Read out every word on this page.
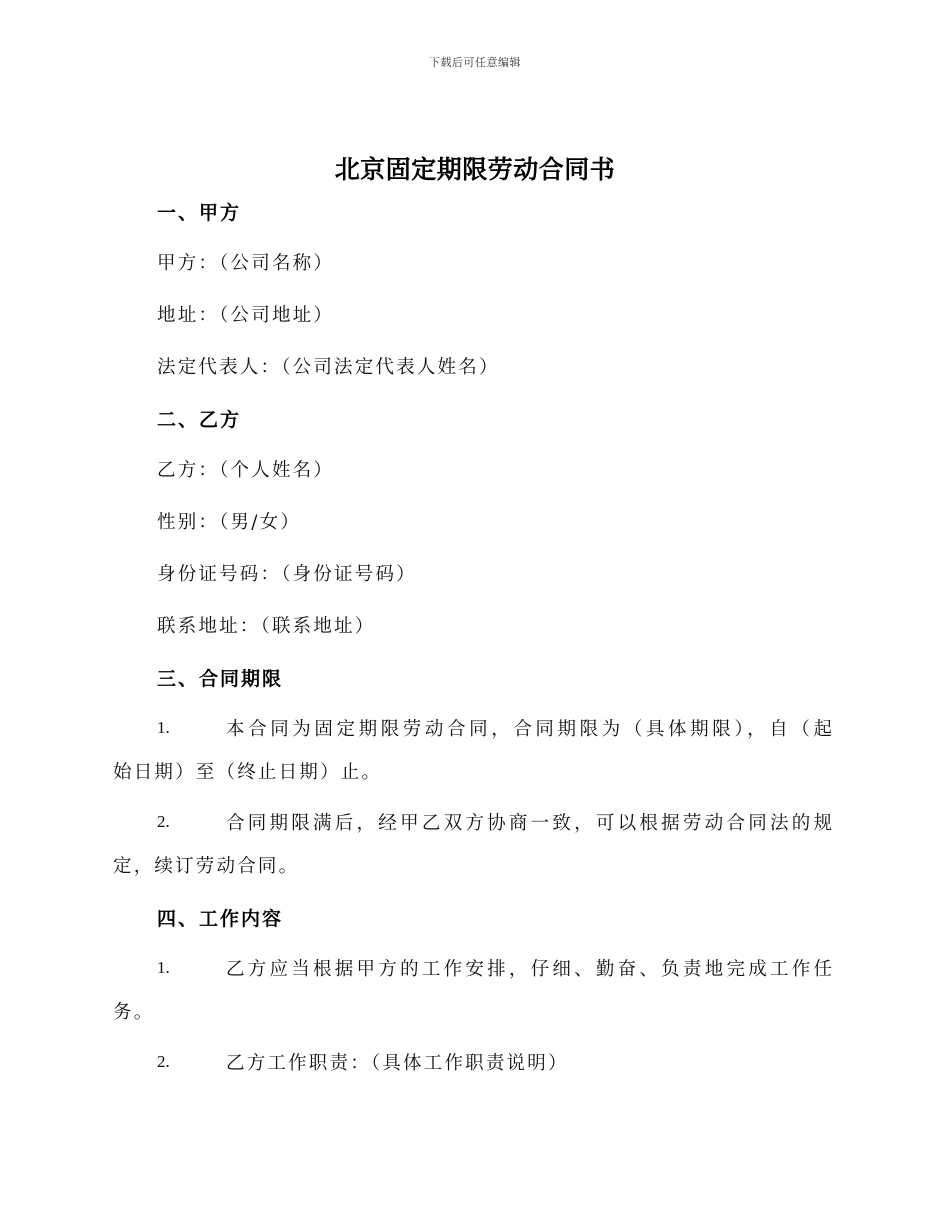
下载后可任意编辑
北京固定期限劳动合同书
一、甲方
甲方：（公司名称）
地址：（公司地址）
法定代表人：（公司法定代表人姓名）
二、乙方
乙方：（个人姓名）
性别：（男/女）
身份证号码：（身份证号码）
联系地址：（联系地址）
三、合同期限
1.	本合同为固定期限劳动合同，合同期限为（具体期限），自（起
始日期）至（终止日期）止。
2.	合同期限满后，经甲乙双方协商一致，可以根据劳动合同法的规
定，续订劳动合同。
四、工作内容
1.	乙方应当根据甲方的工作安排，仔细、勤奋、负责地完成工作任
务。
2.	乙方工作职责：（具体工作职责说明）
